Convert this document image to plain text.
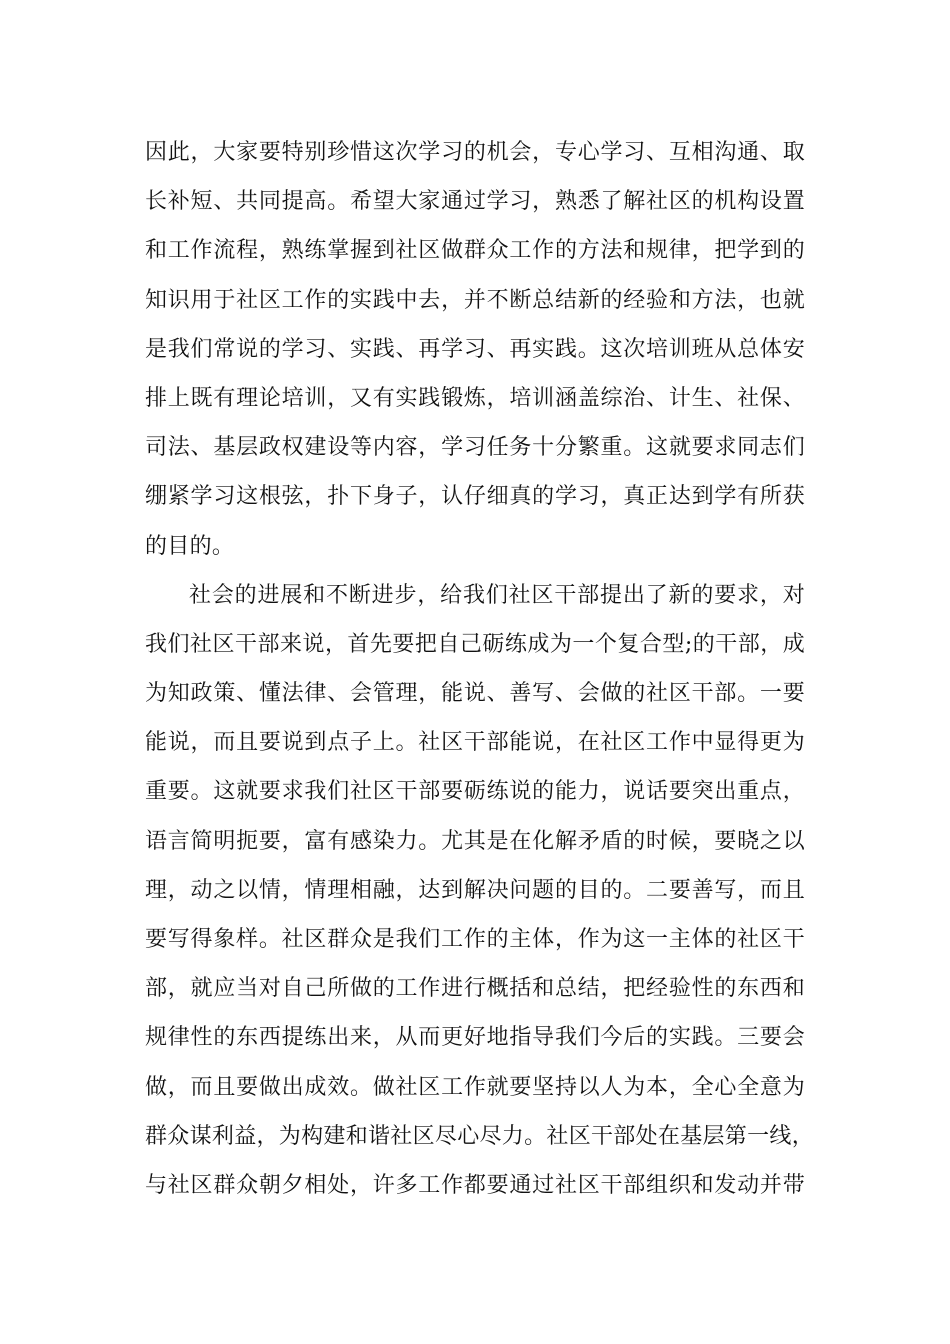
因此，大家要特别珍惜这次学习的机会，专心学习、互相沟通、取
长补短、共同提高。希望大家通过学习，熟悉了解社区的机构设置
和工作流程，熟练掌握到社区做群众工作的方法和规律，把学到的
知识用于社区工作的实践中去，并不断总结新的经验和方法，也就
是我们常说的学习、实践、再学习、再实践。这次培训班从总体安
排上既有理论培训，又有实践锻炼，培训涵盖综治、计生、社保、
司法、基层政权建设等内容，学习任务十分繁重。这就要求同志们
绷紧学习这根弦，扑下身子，认仔细真的学习，真正达到学有所获
的目的。
社会的进展和不断进步，给我们社区干部提出了新的要求，对
我们社区干部来说，首先要把自己砺练成为一个复合型;的干部，成
为知政策、懂法律、会管理，能说、善写、会做的社区干部。一要
能说，而且要说到点子上。社区干部能说，在社区工作中显得更为
重要。这就要求我们社区干部要砺练说的能力，说话要突出重点，
语言简明扼要，富有感染力。尤其是在化解矛盾的时候，要晓之以
理，动之以情，情理相融，达到解决问题的目的。二要善写，而且
要写得象样。社区群众是我们工作的主体，作为这一主体的社区干
部，就应当对自己所做的工作进行概括和总结，把经验性的东西和
规律性的东西提练出来，从而更好地指导我们今后的实践。三要会
做，而且要做出成效。做社区工作就要坚持以人为本，全心全意为
群众谋利益，为构建和谐社区尽心尽力。社区干部处在基层第一线，
与社区群众朝夕相处，许多工作都要通过社区干部组织和发动并带
